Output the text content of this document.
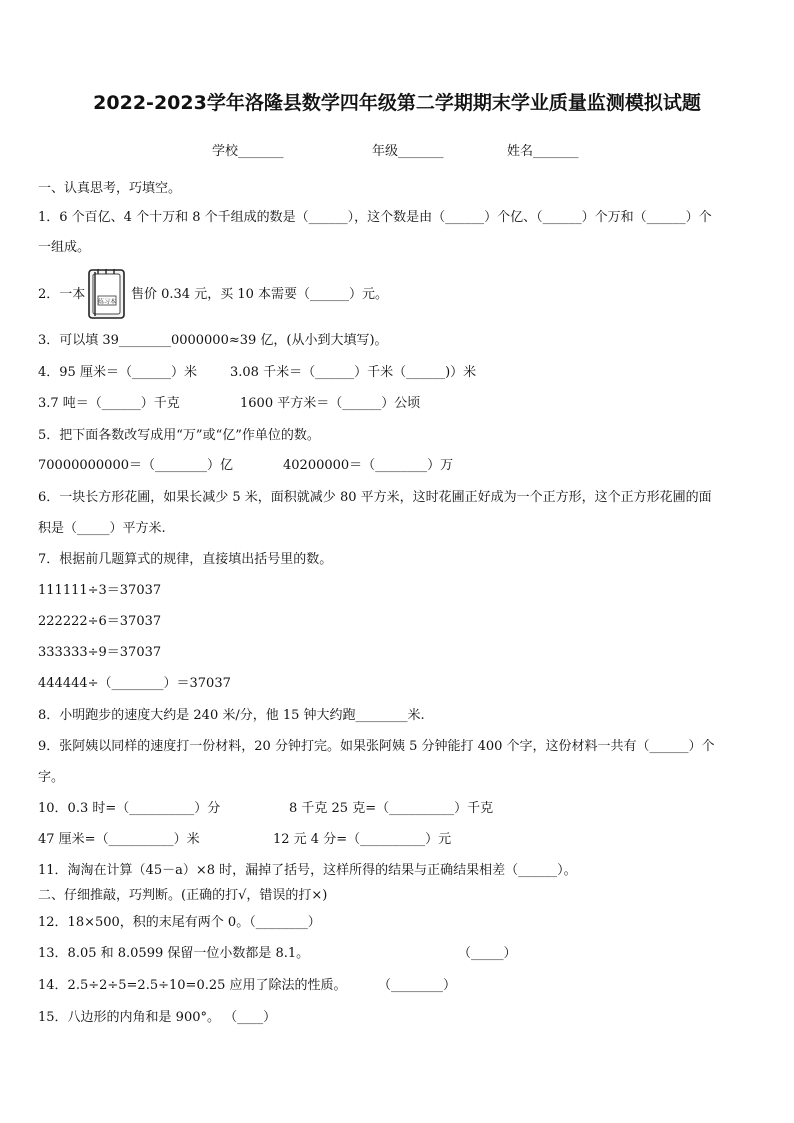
2022-2023学年洛隆县数学四年级第二学期期末学业质量监测模拟试题
学校_______	年级_______	姓名_______
一、认真思考，巧填空。
1．6 个百亿、4 个十万和 8 个千组成的数是（______），这个数是由（______）个亿、（______）个万和（______）个
一组成。
2．一本 练习本 售价 0.34 元，买 10 本需要（______）元。
3．可以填 39________0000000≈39 亿，(从小到大填写)。
4．95 厘米＝（______）米	3.08 千米＝（______）千米（______)）米
3.7 吨＝（______）千克	1600 平方米＝（______）公顷
5．把下面各数改写成用“万”或“亿”作单位的数。
70000000000＝（________）亿	40200000＝（________）万
6．一块长方形花圃，如果长减少 5 米，面积就减少 80 平方米，这时花圃正好成为一个正方形，这个正方形花圃的面
积是（_____）平方米.
7．根据前几题算式的规律，直接填出括号里的数。
111111÷3＝37037
222222÷6＝37037
333333÷9＝37037
444444÷（________）＝37037
8．小明跑步的速度大约是 240 米/分，他 15 钟大约跑________米.
9．张阿姨以同样的速度打一份材料，20 分钟打完。如果张阿姨 5 分钟能打 400 个字，这份材料一共有（______）个
字。
10．0.3 时=（__________）分	8 千克 25 克=（__________）千克
47 厘米=（__________）米	12 元 4 分=（__________）元
11．淘淘在计算（45－a）×8 时，漏掉了括号，这样所得的结果与正确结果相差（______）。
二、仔细推敲，巧判断。(正确的打√，错误的打×)
12．18×500，积的末尾有两个 0。（________）
13．8.05 和 8.0599 保留一位小数都是 8.1。	（_____）
14．2.5÷2÷5=2.5÷10=0.25 应用了除法的性质。 （________）
15．八边形的内角和是 900°。 （____）
